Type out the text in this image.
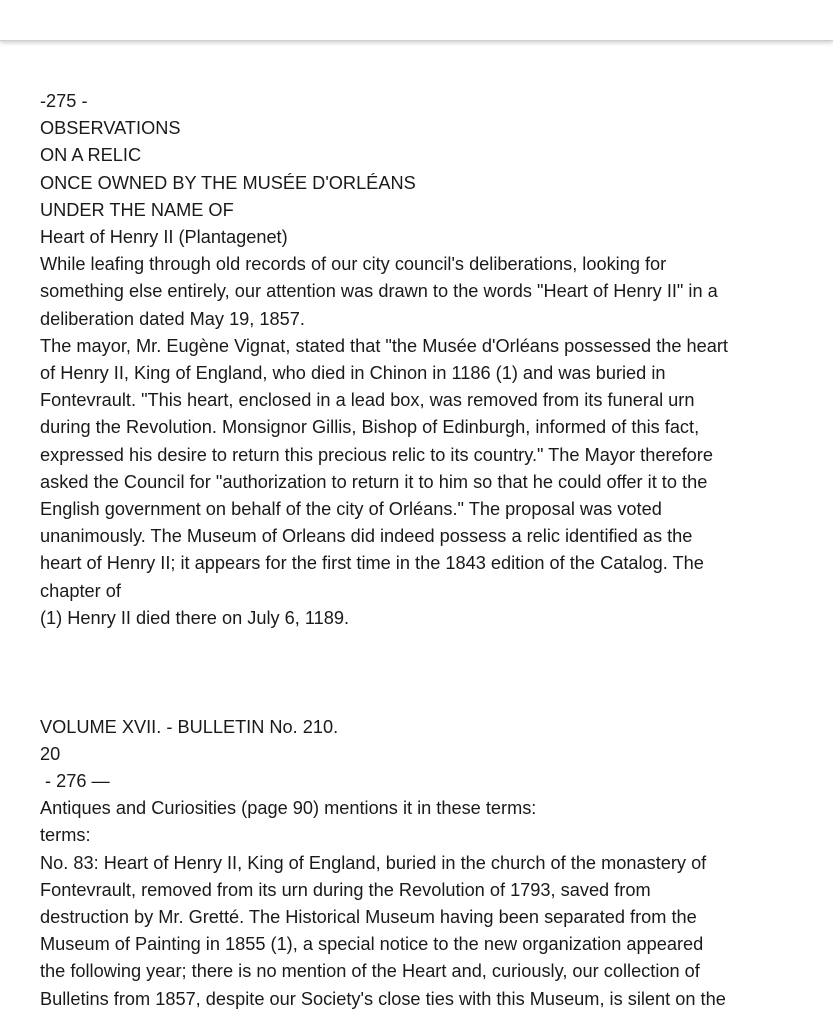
-275 -
OBSERVATIONS
ON A RELIC
ONCE OWNED BY THE MUSÉE D'ORLÉANS
UNDER THE NAME OF
Heart of Henry II (Plantagenet)
While leafing through old records of our city council's deliberations, looking for
something else entirely, our attention was drawn to the words "Heart of Henry II" in a
deliberation dated May 19, 1857.
The mayor, Mr. Eugène Vignat, stated that "the Musée d'Orléans possessed the heart
of Henry II, King of England, who died in Chinon in 1186 (1) and was buried in
Fontevrault. "This heart, enclosed in a lead box, was removed from its funeral urn
during the Revolution. Monsignor Gillis, Bishop of Edinburgh, informed of this fact,
expressed his desire to return this precious relic to its country." The Mayor therefore
asked the Council for "authorization to return it to him so that he could offer it to the
English government on behalf of the city of Orléans." The proposal was voted
unanimously. The Museum of Orleans did indeed possess a relic identified as the
heart of Henry II; it appears for the first time in the 1843 edition of the Catalog. The
chapter of
(1) Henry II died there on July 6, 1189.
VOLUME XVII. - BULLETIN No. 210.
20
- 276 —
Antiques and Curiosities (page 90) mentions it in these terms:
terms:
No. 83: Heart of Henry II, King of England, buried in the church of the monastery of
Fontevrault, removed from its urn during the Revolution of 1793, saved from
destruction by Mr. Gretté. The Historical Museum having been separated from the
Museum of Painting in 1855 (1), a special notice to the new organization appeared
the following year; there is no mention of the Heart and, curiously, our collection of
Bulletins from 1857, despite our Society's close ties with this Museum, is silent on the
